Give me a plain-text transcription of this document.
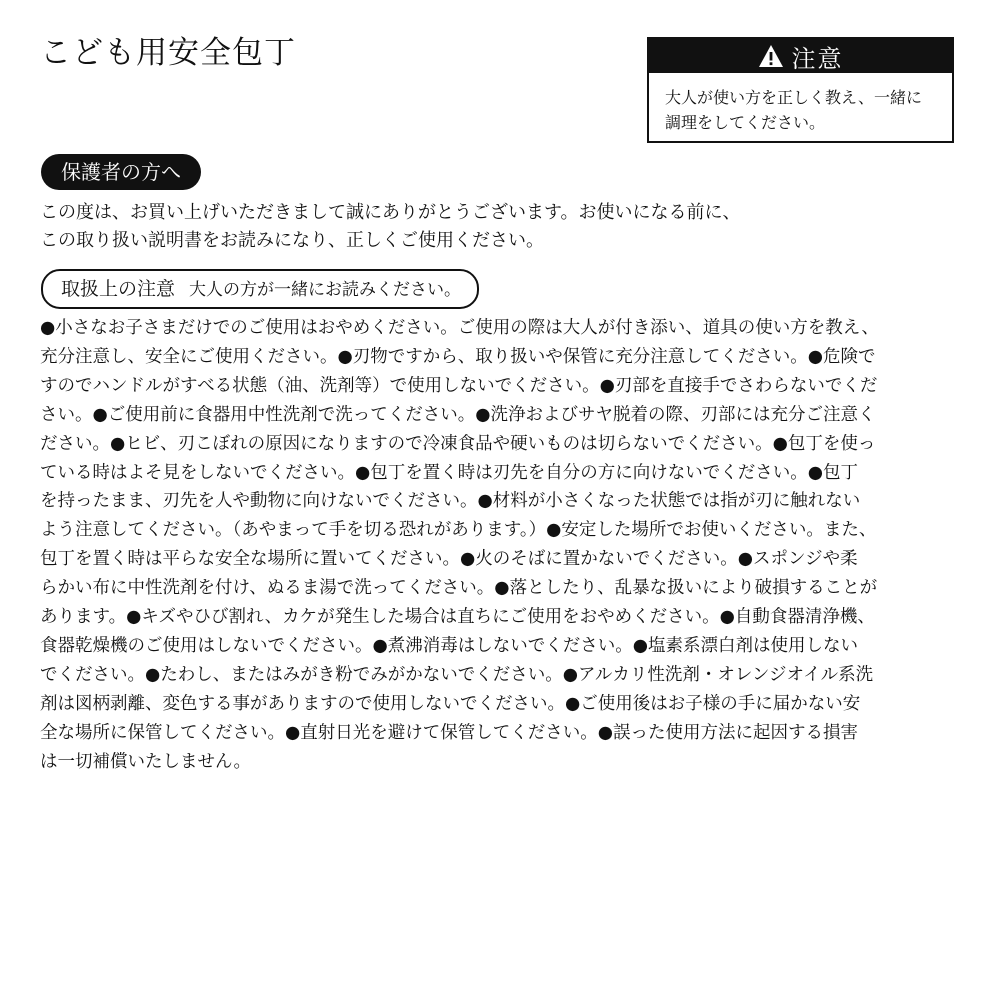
こども用安全包丁	注意
大人が使い方を正しく教え、一緒に
調理をしてください。
保護者の方へ
この度は、お買い上げいただきまして誠にありがとうございます。お使いになる前に、
この取り扱い説明書をお読みになり、正しくご使用ください。
取扱上の注意 大人の方が一緒にお読みください。
●小さなお子さまだけでのご使用はおやめください。ご使用の際は大人が付き添い、道具の使い方を教え、
充分注意し、安全にご使用ください。●刃物ですから、取り扱いや保管に充分注意してください。●危険で
すのでハンドルがすべる状態（油、洗剤等）で使用しないでください。●刃部を直接手でさわらないでくだ
さい。●ご使用前に食器用中性洗剤で洗ってください。●洗浄およびサヤ脱着の際、刃部には充分ご注意く
ださい。●ヒビ、刃こぼれの原因になりますので冷凍食品や硬いものは切らないでください。●包丁を使っ
ている時はよそ見をしないでください。●包丁を置く時は刃先を自分の方に向けないでください。●包丁
を持ったまま、刃先を人や動物に向けないでください。●材料が小さくなった状態では指が刃に触れない
よう注意してください。（あやまって手を切る恐れがあります。）●安定した場所でお使いください。また、
包丁を置く時は平らな安全な場所に置いてください。●火のそばに置かないでください。●スポンジや柔
らかい布に中性洗剤を付け、ぬるま湯で洗ってください。●落としたり、乱暴な扱いにより破損することが
あります。●キズやひび割れ、カケが発生した場合は直ちにご使用をおやめください。●自動食器清浄機、
食器乾燥機のご使用はしないでください。●煮沸消毒はしないでください。●塩素系漂白剤は使用しない
でください。●たわし、またはみがき粉でみがかないでください。●アルカリ性洗剤・オレンジオイル系洗
剤は図柄剥離、変色する事がありますので使用しないでください。●ご使用後はお子様の手に届かない安
全な場所に保管してください。●直射日光を避けて保管してください。●誤った使用方法に起因する損害
は一切補償いたしません。
